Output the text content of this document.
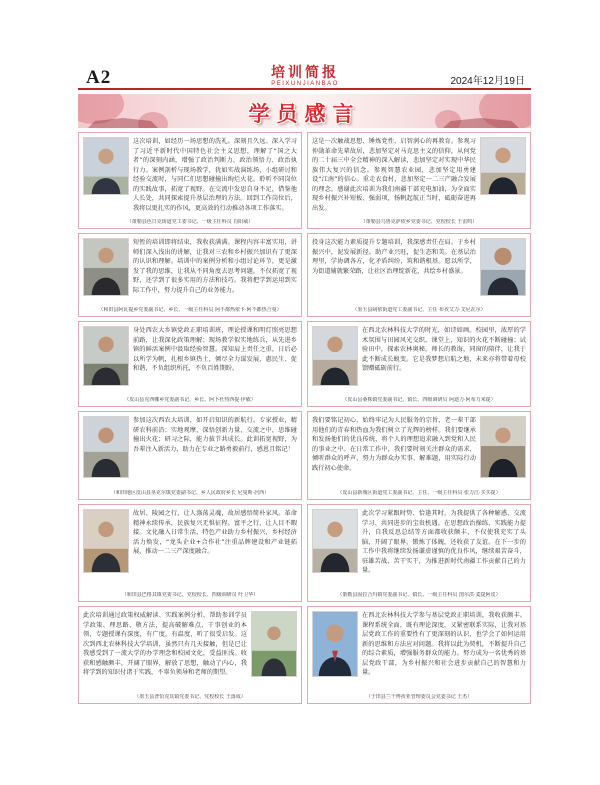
A2	培训简报
PEIXUNJIANBAO	2024年12月19日
学员感言
这次培训，如经历一场思想的洗礼。深刻且久远。深入学习了习近平新时代中国特色社会主义思想，理解了“国之大者”的深刻内涵，增强了政治判断力、政治领悟力、政治执行力。案例剖析与现场教学，犹如实战演练场，小组研讨和经验交流时，与同仁们思想碰撞出绚烂火花。聆听不同岗位的实践故事，拓宽了视野。在交流中发思自身不足，借鉴他人长处，共同探索提升基层治理的方法。回到工作岗位后，我将以更扎实的作风，更高效的行动推动各项工作落实。
（策勒县色日克街道党工委书记、一级主任科员 肖阳威）
这是一次触战思想、锤炼党性、启智润心的再教育。参观习仲勋革命先辈故居，悲加坚定对马克思主义的信仰，从何党的二十届三中全会精神的深入解读，悲加坚定对实现中华民族伟大复兴的信念。参观智慧农业园，悲加坚定用勇建设“江南”的信心。重走衣食村，悲加坚定一二三产融合发展的理念。感谢此次培训为我们南疆干部充电加油，为全面实现乡村振兴补短板、强弱项，扬帆起航正当时，砥砺奋进再出发。
（策勒县乌鲁克萨依乡党委书记、党校校长 王雷鸣）
短暂的培训即将结束，我收获满满。课程内容丰富实用，讲师们深入浅出的讲解，让我对三农和乡村振兴加识有了更深的认识和理解。培训中的案例分析和小组讨论环节，更是激发了我的思维，让我从不同角度去思考问题。不仅拓宽了视野，还学到了很多实用的方法和技巧。我将把学到运用到实际工作中，努力提升自己的业务能力。
（和田县阿瓦提乡党委副书记、乡长、一级主任科员 阿不都热依卡·阿不都热合曼）
投身这次能力素质提升专题培训，我深感责任在肩。于乡村振兴中，泥发展新径。助产业兴旺，促生态和美。在基层治理里，学协调各方，化矛盾纠纷，筑和谐根基。愿以所学，为街道辅就繁荣路，让社区治理绽新花，共绘乡村盛景。
（墨玉县阔依街道党工委副书记、主任 布孜艾力·艾尼瓦尔）
身处西农大乡镇党政正职培训班，理论授课和明灯照亮思想前路，让我深化政策理解；现场教学似实地练兵，从先进乡镇的鲜活案例中汲取经验智慧。深知肩上责任之重，日后必以所学为帆，扎根乡镇热土，倾尽全力谋发展、惠民生、促和谐，不负组织所托，不负百姓期盼。
（皮山县克西娜乡党委副书记、乡长、阿卜杜热西提·伊敏）
在西北农林科技大学的时光，如诗如画。校园里，浓厚的学术氛围与田园风光交织。课堂上，知识的火花不断碰撞；试验田中，探索农林奥秘。师长的教诲，同窗的陪伴，让我于此不断成长蜕变。它是我梦想启航之地，未来亦将带着母校馈赠砥砺前行。
（皮山县桑株镇党委副书记、镇长、四级调研员 阿迪力·阿布力米提）
参加这次西农大培训，如开启知识的新航行。专家授业，精研农科前沿；实地观摩，深悟创新力量，交流之中，思维碰撞出火花；研习之际，能力拔节共成长。此训拓宽视野，为吾辈注入新活力，助力在专业之路勇毅前行，感恩且铭记！
（和田地区皮山县垦克尔镇党委副书记、乡人民政府乡长 尼曼斯·居西）
我们要铭记初心，始终牢记为人民服务的宗旨，老一辈干部用他们的青春和热血为我们树立了光辉的榜样。我们要继承和发扬他们的优良传统，将个人的理想追求融入到党和人民的事业之中。在日常工作中，我们要时刻关注群众的需求，倾听群众的呼声，努力为群众办实事、解难题，用实际行动践行初心使命。
（皮山县新城区街道党工委副书记、主任、一级主任科员 张力江·买买提）
故居、陵园之行，让人涤荡灵魂，故居感悟简朴家风。革命精神永续传承，民族复兴无惧征程。富平之行，让人目不暇接。文化融入日常生活，特色产业助力乡村振兴，乡村经济活力焕发，“龙头企业+合作社”注重品牌建设和产业链拓展，推动一二三产深度融合。
（和田县巴格其镇党委书记、党校校长、四级调研员 叶卫华）
此次学习紧跟时势、恰逢其时，为我提供了各种解惑、交流学习、共同进步的宝贵机遇。在思想政治操练、实践能力提升，自我反思总结等方面都收获颇丰，不仅使我充实了头脑、开阔了眼界，锻炼了体魄，还收获了友谊。在下一步的工作中我将继续发扬谦虚谨慎的优良作风，继续艰苦奋斗，驻雄苦战、苦干实干，为推进新时代南疆工作贡献自己的力量。
（策勒县固拉合玛镇党委副书记、镇长、一级主任科员 图尔洪·麦提阿皮）
此次培训通过政策权威解读、实践案例分析、帮助参训学员学政策、理思路、敬方法，提高破解难点、干事创业的本领，专题授课有深度，有广度，有温度，听了很受启发。这次到西北农林科技大学培训，虽然只有几天接触，但是已让我感受到了一流大学的办学理念和校园文化，受益匪浅。收获和感触颇丰，开阔了眼界，解放了思想，触动了内心，我将学到的知识付诸于实践，不辜负领导和老师的期望。
（墨玉县普恰克其镇党委书记、党校校长 王落成）
在西北农林科技大学参与基层党政正职培训，我收获颇丰。课程系统全面，既有理论深度，又紧密联系实际，让我对基层党政工作的重要性有了更深刻的认识，也学会了如何运用新的思维和方法应对问题。我将以此为契机，不断提升自己的综合素质，增强服务群众的能力。努力成为一名优秀的基层党政干部，为乡村振兴和社会进步贡献自己的智慧和力量。
（于田县兰干博孜亚管理委员会党委书记 王杰）
